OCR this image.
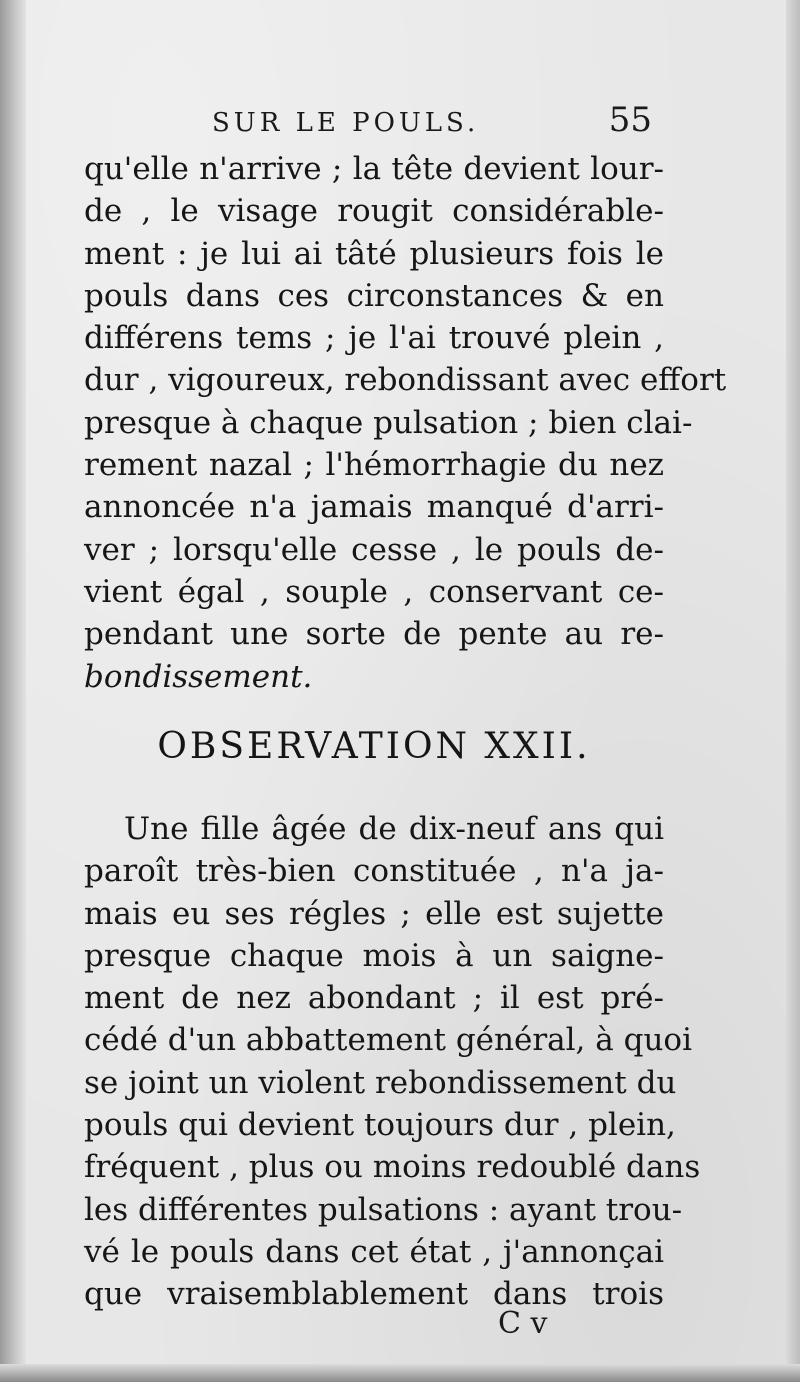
SUR LE POULS.	55
qu'elle n'arrive ; la tête devient lour-
de , le visage rougit considérable-
ment : je lui ai tâté plusieurs fois le
pouls dans ces circonstances & en
différens tems ; je l'ai trouvé plein ,
dur , vigoureux, rebondissant avec effort
presque à chaque pulsation ; bien clai-
rement nazal ; l'hémorrhagie du nez
annoncée n'a jamais manqué d'arri-
ver ; lorsqu'elle cesse , le pouls de-
vient égal , souple , conservant ce-
pendant une sorte de pente au re-
bondissement.
OBSERVATION XXII.
Une fille âgée de dix-neuf ans qui
paroît très-bien constituée , n'a ja-
mais eu ses régles ; elle est sujette
presque chaque mois à un saigne-
ment de nez abondant ; il est pré-
cédé d'un abbattement général, à quoi
se joint un violent rebondissement du
pouls qui devient toujours dur , plein,
fréquent , plus ou moins redoublé dans
les différentes pulsations : ayant trou-
vé le pouls dans cet état , j'annonçai
que vraisemblablement dans trois
C v
